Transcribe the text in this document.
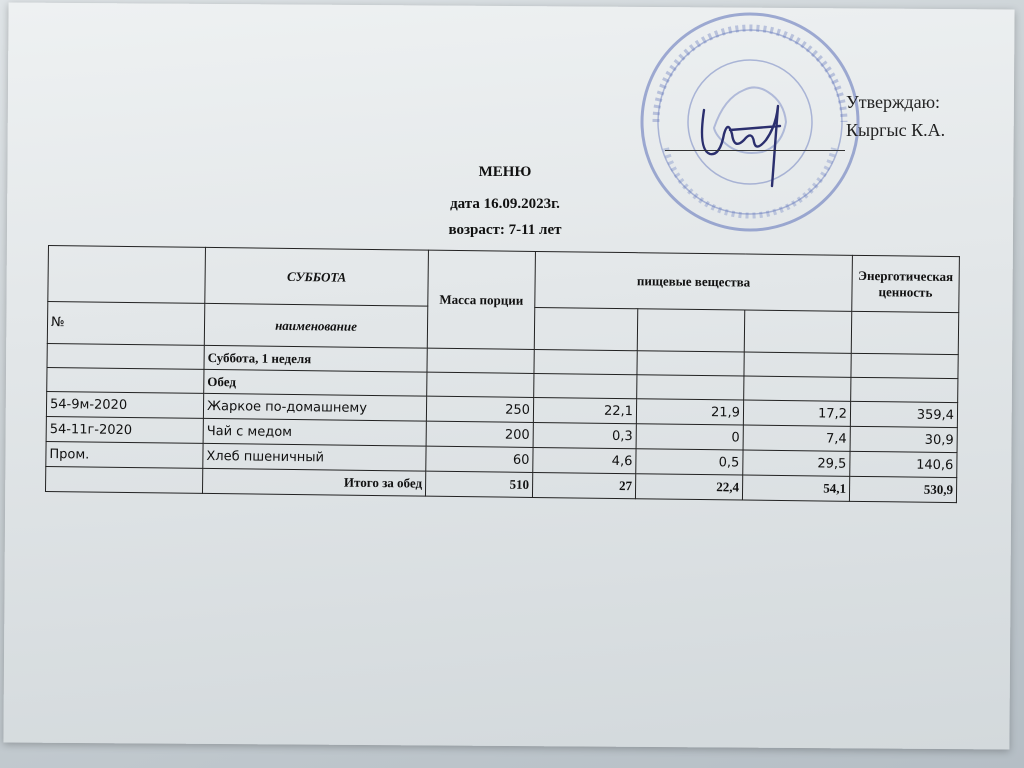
Утверждаю:
Кыргыс К.А.
МЕНЮ
дата 16.09.2023г.
возраст: 7-11 лет
	СУББОТА	Масса порции	пищевые вещества			Энерготическая ценность
№	наименование					
	Суббота, 1 неделя					
	Обед					
54-9м-2020	Жаркое по-домашнему	250	22,1	21,9	17,2	359,4
54-11г-2020	Чай с медом	200	0,3	0	7,4	30,9
Пром.	Хлеб пшеничный	60	4,6	0,5	29,5	140,6
	Итого за обед	510	27	22,4	54,1	530,9
